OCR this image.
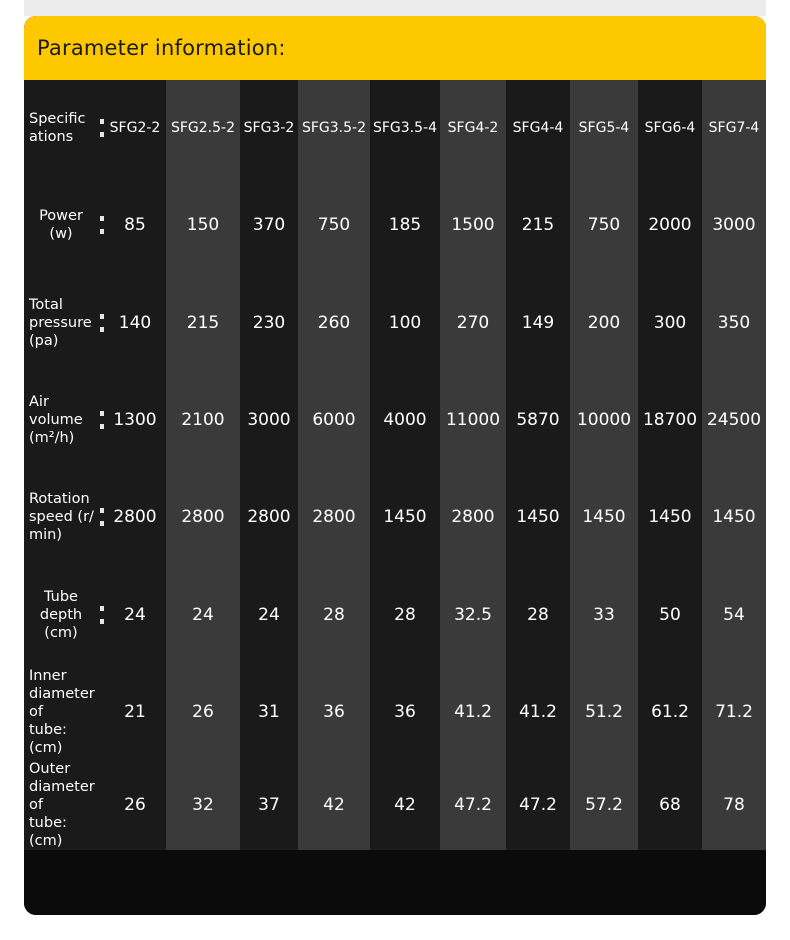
Parameter information:
Specific
ations
SFG2-2 SFG2.5-2 SFG3-2 SFG3.5-2 SFG3.5-4 SFG4-2	SFG4-4	SFG5-4	SFG6-4 SFG7-4
Power
(w)	85	150	370	750	185	1500	215	750	2000	3000
Total
pressure
(pa)
140	215	230	260	100	270	149	200	300	350
Air
volume
(m²/h)
1300	2100	3000	6000	4000	11000 5870	10000 18700 24500
Rotation
speed (r/
min)
2800	2800	2800	2800	1450	2800	1450	1450	1450	1450
Tube
depth
(cm)
24	24	24	28	28	32.5	28	33	50	54
Inner
diameter of
tube: (cm)
21	26	31	36	36	41.2	41.2	51.2	61.2	71.2
Outer
diameter of
tube: (cm)
26	32	37	42	42	47.2	47.2	57.2	68	78
